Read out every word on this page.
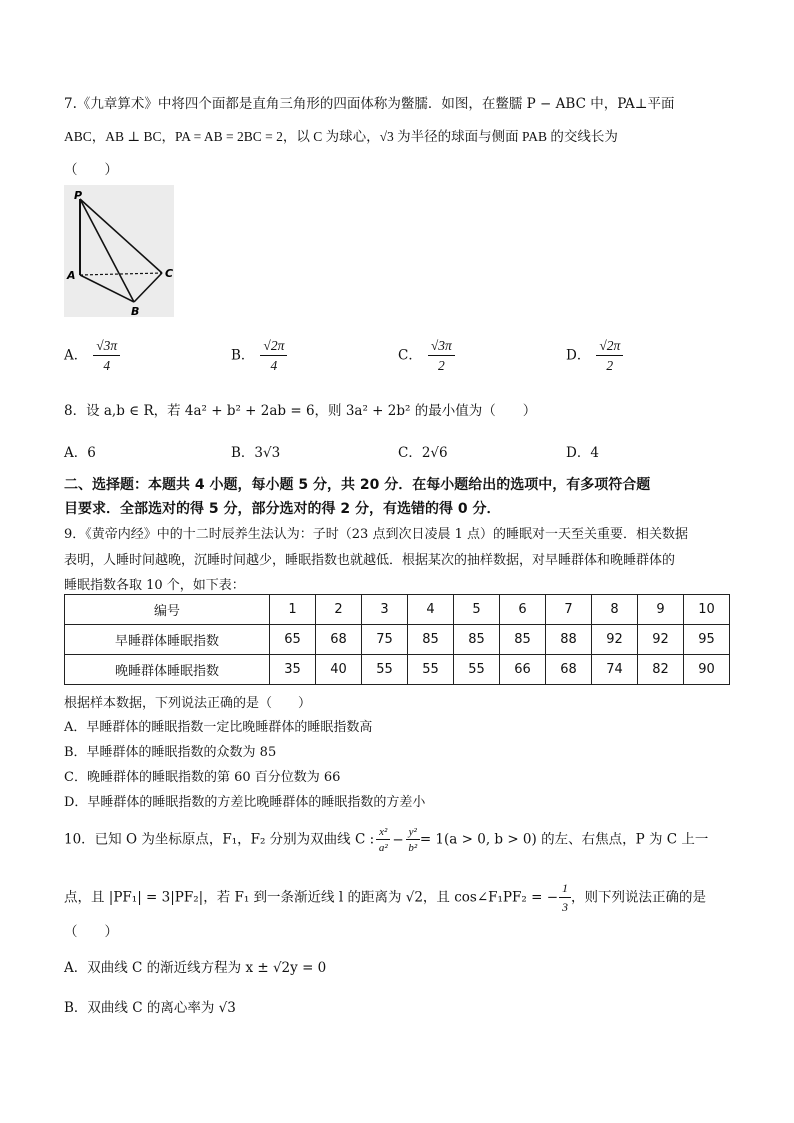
7.《九章算术》中将四个面都是直角三角形的四面体称为鳖臑．如图，在鳖臑 P − ABC 中，PA⊥平面
ABC，AB ⊥ BC，PA = AB = 2BC = 2，以 C 为球心，√3 为半径的球面与侧面 PAB 的交线长为
（　　）
P
A
B
C
A． $\frac{√3\pi}{4}$	B． $\frac{√2\pi}{4}$	C． $\frac{√3\pi}{2}$	D． $\frac{√2\pi}{2}$
8．设 a,b ∈ R，若 4a² + b² + 2ab = 6，则 3a² + 2b² 的最小值为（　　）
A．6	B．3√3	C．2√6	D．4
二、选择题：本题共 4 小题，每小题 5 分，共 20 分．在每小题给出的选项中，有多项符合题
目要求．全部选对的得 5 分，部分选对的得 2 分，有选错的得 0 分．
9．《黄帝内经》中的十二时辰养生法认为：子时（23 点到次日凌晨 1 点）的睡眠对一天至关重要．相关数据
表明，人睡时间越晚，沉睡时间越少，睡眠指数也就越低．根据某次的抽样数据，对早睡群体和晚睡群体的
睡眠指数各取 10 个，如下表：
编号	1	2	3	4	5	6	7	8	9	10
早睡群体睡眠指数	65	68	75	85	85	85	88	92	92	95
晚睡群体睡眠指数	35	40	55	55	55	66	68	74	82	90
根据样本数据，下列说法正确的是（　　）
A．早睡群体的睡眠指数一定比晚睡群体的睡眠指数高
B．早睡群体的睡眠指数的众数为 85
C．晚睡群体的睡眠指数的第 60 百分位数为 66
D．早睡群体的睡眠指数的方差比晚睡群体的睡眠指数的方差小
10．已知 O 为坐标原点，F₁，F₂ 分别为双曲线 C : $\frac{\text{x²}}{\text{a²}} - \frac{\text{y²}}{\text{b²}} = 1(a > 0$, b > 0) 的左、右焦点，P 为 C 上一
点，且 |PF₁| = 3|PF₂|，若 F₁ 到一条渐近线 l 的距离为 √2，且 cos∠F₁PF₂ = − $\frac{1}{3}$ ，则下列说法正确的是
（　　）
A．双曲线 C 的渐近线方程为 x ± √2y = 0
B．双曲线 C 的离心率为 √3
